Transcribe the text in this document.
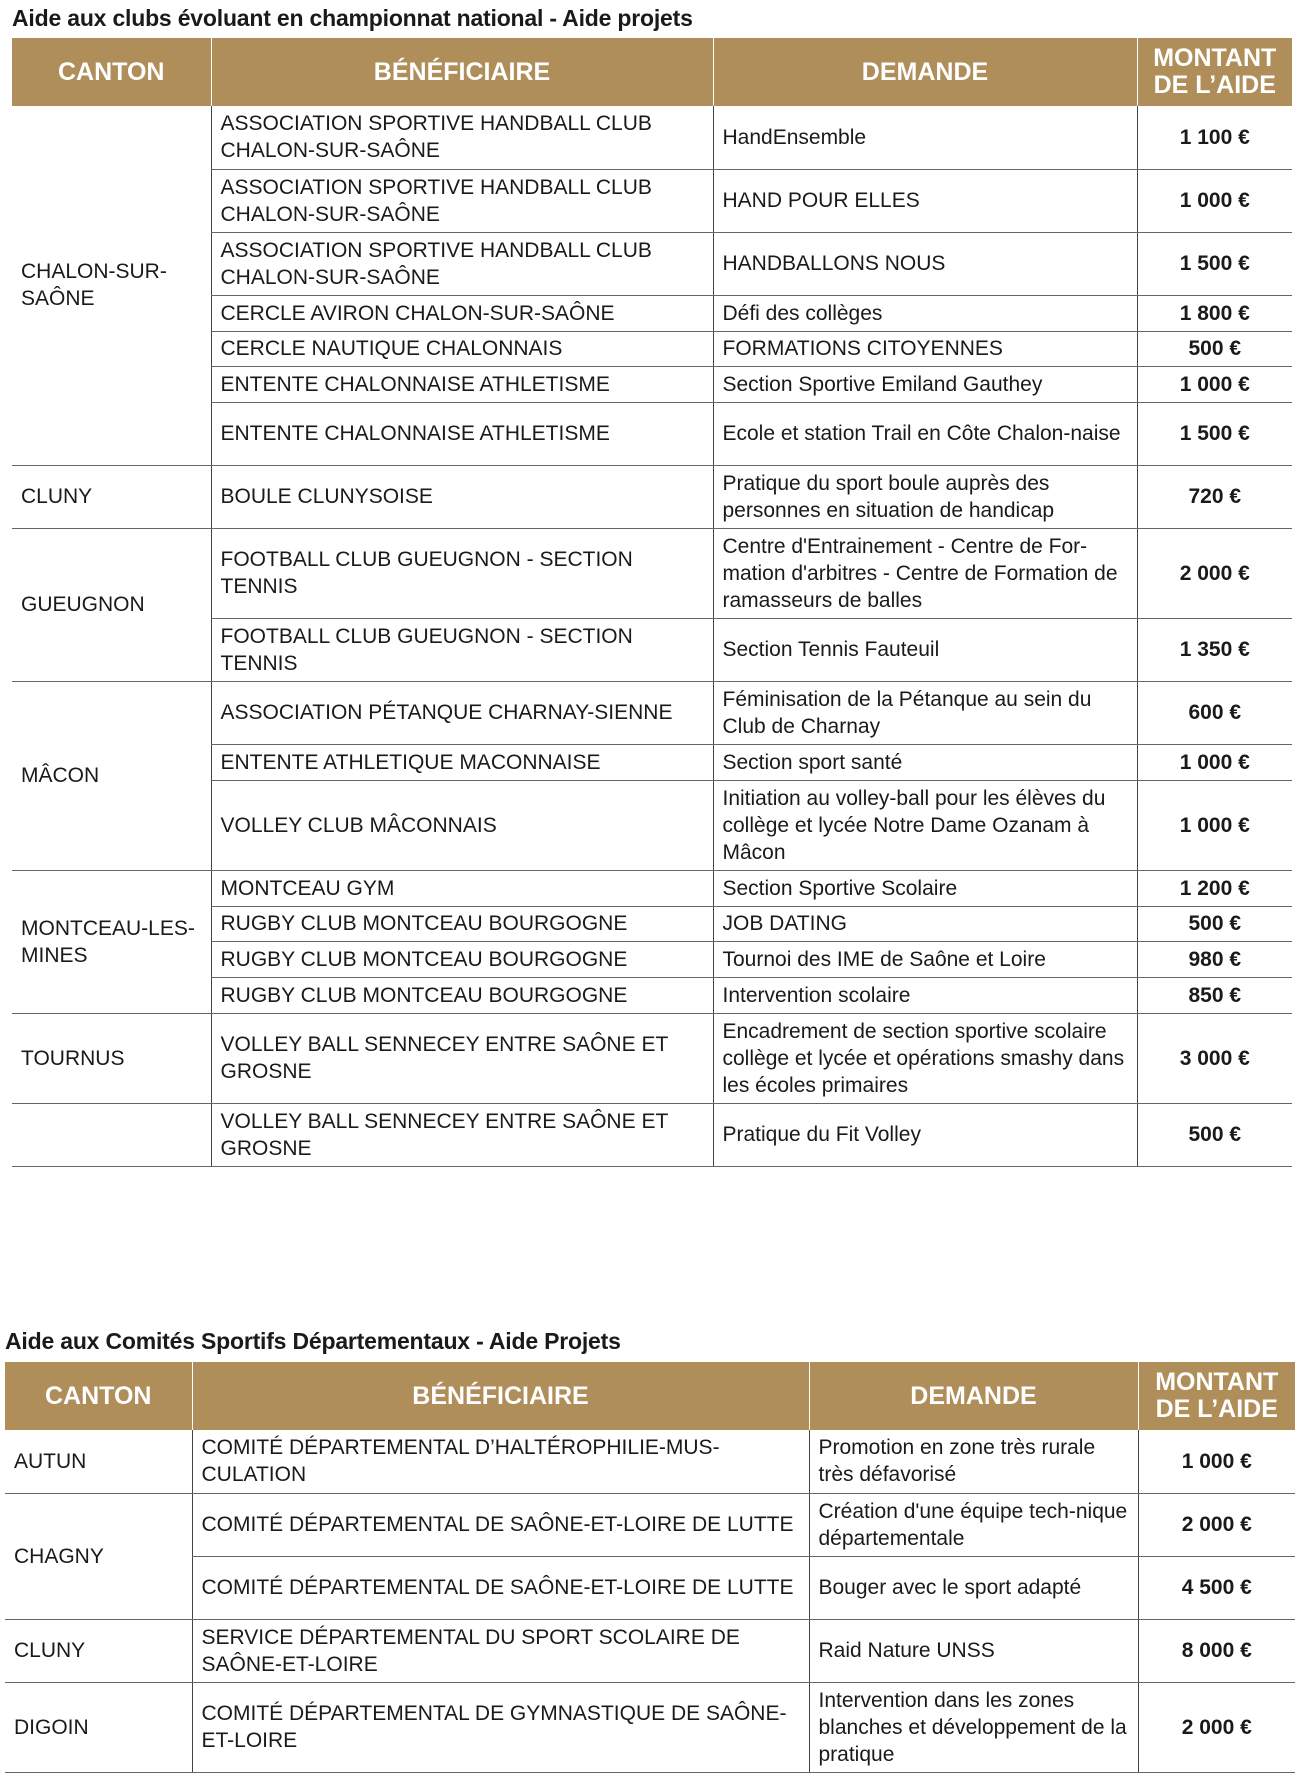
Aide aux clubs évoluant en championnat national - Aide projets
CANTON	BÉNÉFICIAIRE	DEMANDE	MONTANT
DE L’AIDE
CHALON-SUR-SAÔNE	ASSOCIATION SPORTIVE HANDBALL CLUB CHALON-SUR-SAÔNE	HandEnsemble	1 100 €
	ASSOCIATION SPORTIVE HANDBALL CLUB CHALON-SUR-SAÔNE	HAND POUR ELLES	1 000 €
	ASSOCIATION SPORTIVE HANDBALL CLUB CHALON-SUR-SAÔNE	HANDBALLONS NOUS	1 500 €
	CERCLE AVIRON CHALON-SUR-SAÔNE	Défi des collèges	1 800 €
	CERCLE NAUTIQUE CHALONNAIS	FORMATIONS CITOYENNES	500 €
	ENTENTE CHALONNAISE ATHLETISME	Section Sportive Emiland Gauthey	1 000 €
	ENTENTE CHALONNAISE ATHLETISME	Ecole et station Trail en Côte Chalon-naise	1 500 €
CLUNY	BOULE CLUNYSOISE	Pratique du sport boule auprès des personnes en situation de handicap	720 €
GUEUGNON	FOOTBALL CLUB GUEUGNON - SECTION TENNIS	Centre d'Entrainement - Centre de For-mation d'arbitres - Centre de Formation de ramasseurs de balles	2 000 €
	FOOTBALL CLUB GUEUGNON - SECTION TENNIS	Section Tennis Fauteuil	1 350 €
MÂCON	ASSOCIATION PÉTANQUE CHARNAY-SIENNE	Féminisation de la Pétanque au sein du Club de Charnay	600 €
	ENTENTE ATHLETIQUE MACONNAISE	Section sport santé	1 000 €
	VOLLEY CLUB MÂCONNAIS	Initiation au volley-ball pour les élèves du collège et lycée Notre Dame Ozanam à Mâcon	1 000 €
MONTCEAU-LES-MINES	MONTCEAU GYM	Section Sportive Scolaire	1 200 €
	RUGBY CLUB MONTCEAU BOURGOGNE	JOB DATING	500 €
	RUGBY CLUB MONTCEAU BOURGOGNE	Tournoi des IME de Saône et Loire	980 €
	RUGBY CLUB MONTCEAU BOURGOGNE	Intervention scolaire	850 €
TOURNUS	VOLLEY BALL SENNECEY ENTRE SAÔNE ET GROSNE	Encadrement de section sportive scolaire collège et lycée et opérations smashy dans les écoles primaires	3 000 €
	VOLLEY BALL SENNECEY ENTRE SAÔNE ET GROSNE	Pratique du Fit Volley	500 €
Aide aux Comités Sportifs Départementaux - Aide Projets
CANTON	BÉNÉFICIAIRE	DEMANDE	MONTANT
DE L’AIDE
AUTUN	COMITÉ DÉPARTEMENTAL D’HALTÉROPHILIE-MUS-CULATION	Promotion en zone très rurale très défavorisé	1 000 €
CHAGNY	COMITÉ DÉPARTEMENTAL DE SAÔNE-ET-LOIRE DE LUTTE	Création d'une équipe tech-nique départementale	2 000 €
	COMITÉ DÉPARTEMENTAL DE SAÔNE-ET-LOIRE DE LUTTE	Bouger avec le sport adapté	4 500 €
CLUNY	SERVICE DÉPARTEMENTAL DU SPORT SCOLAIRE DE SAÔNE-ET-LOIRE	Raid Nature UNSS	8 000 €
DIGOIN	COMITÉ DÉPARTEMENTAL DE GYMNASTIQUE DE SAÔNE-ET-LOIRE	Intervention dans les zones blanches et développement de la pratique	2 000 €
